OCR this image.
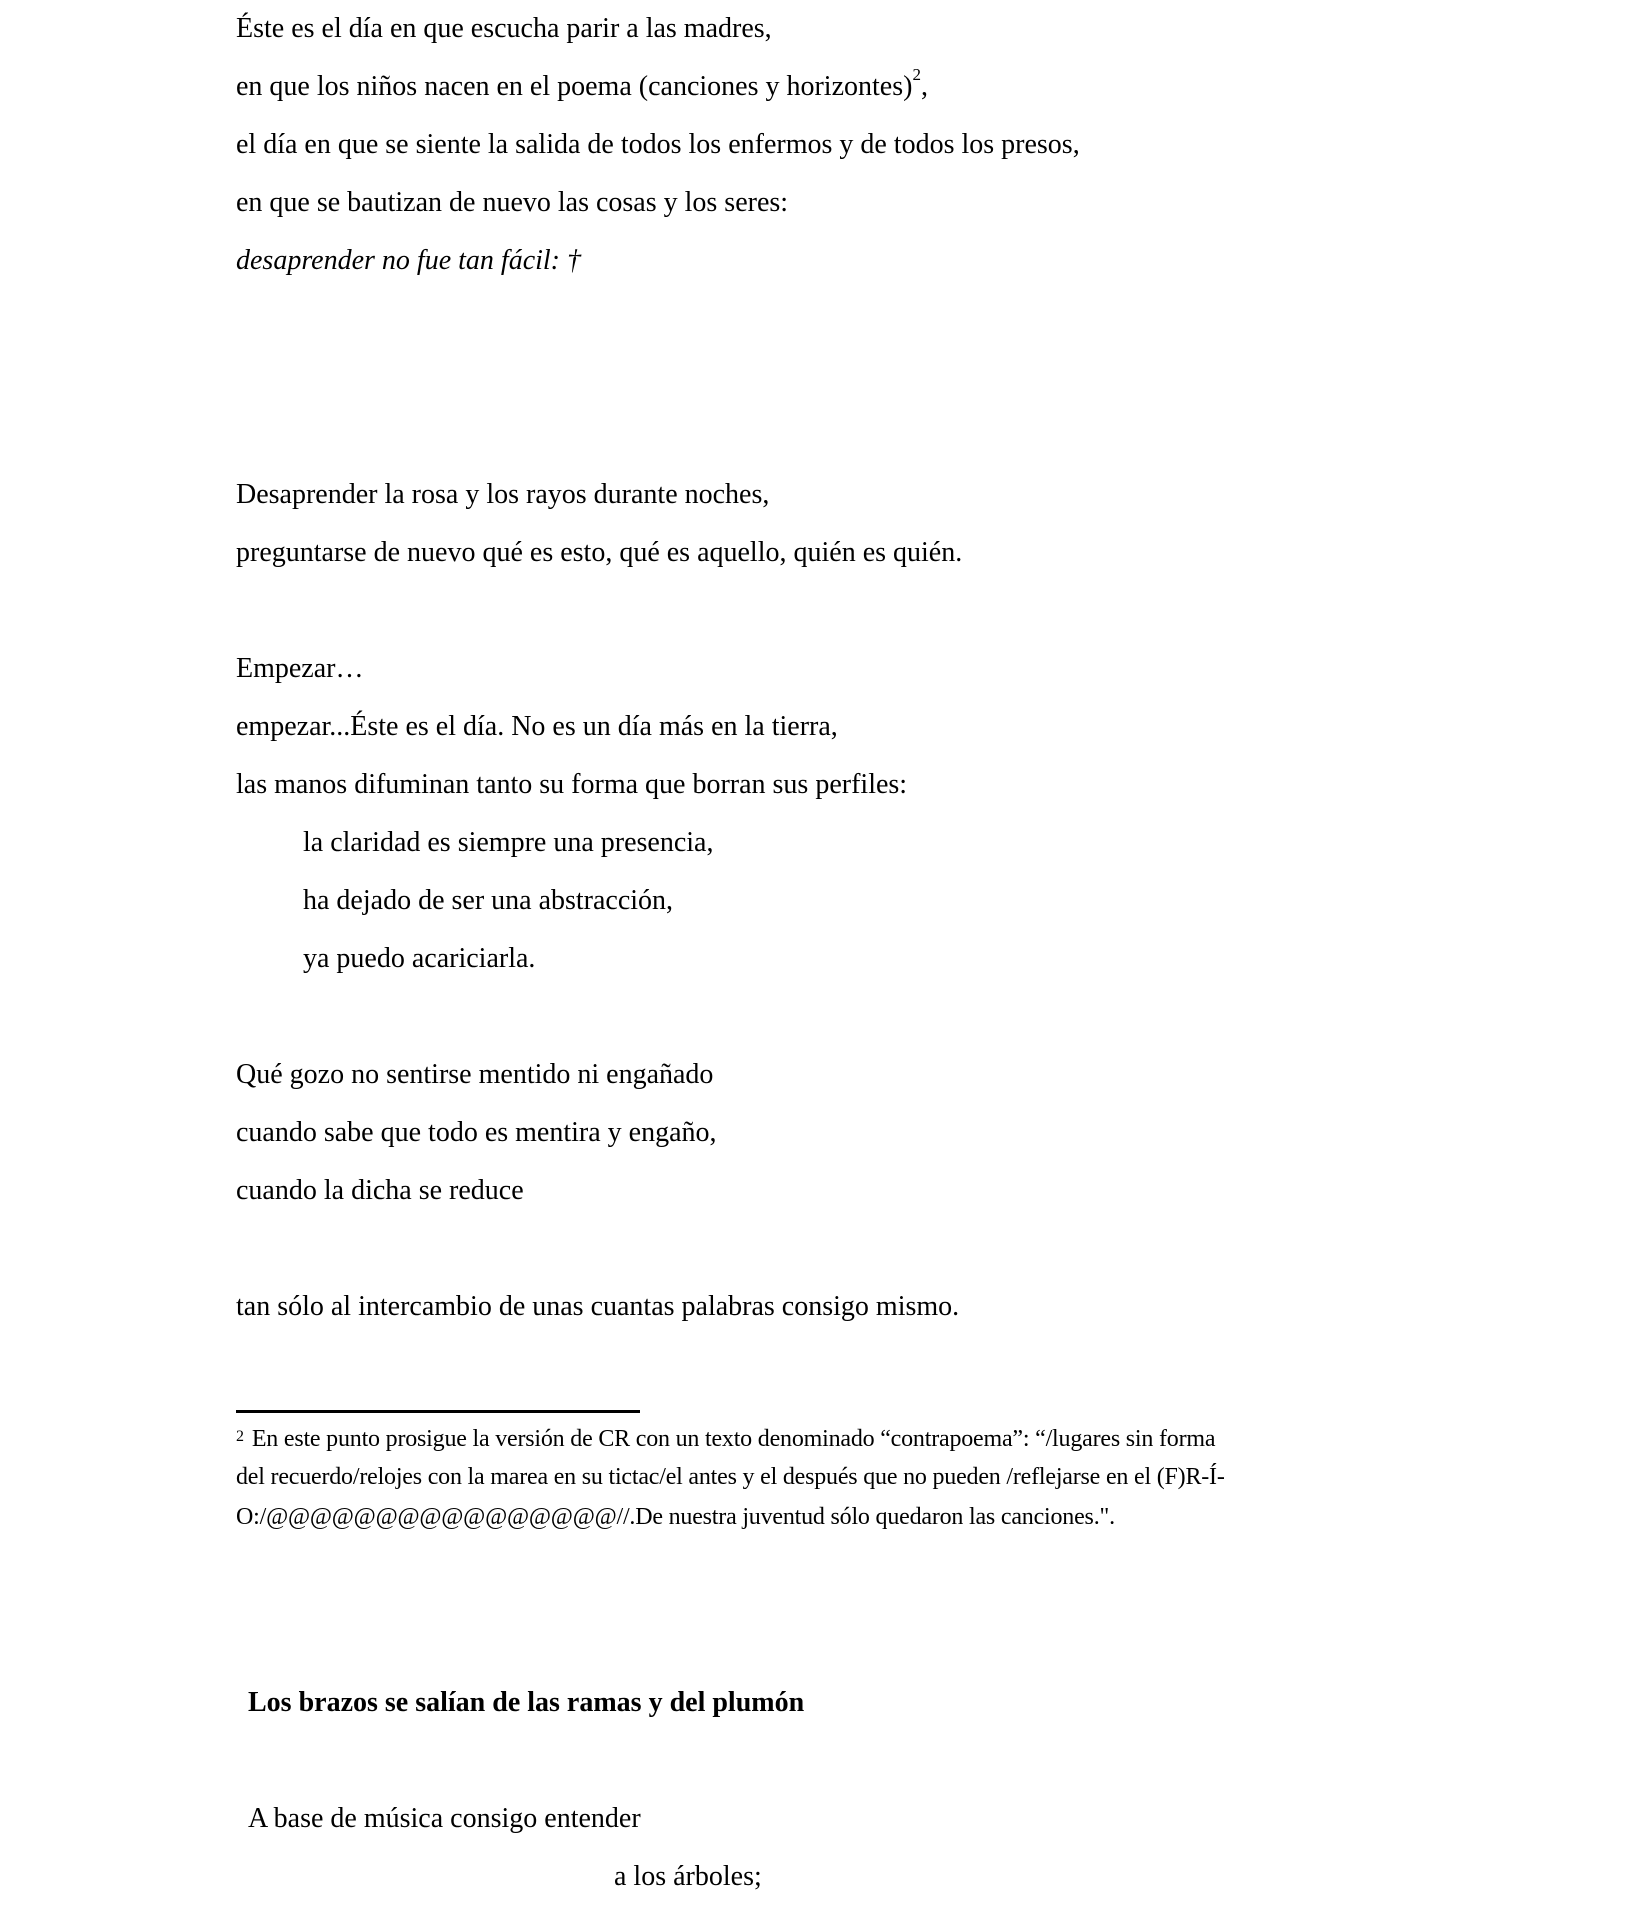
Éste es el día en que escucha parir a las madres,
en que los niños nacen en el poema (canciones y horizontes)$^2$,
el día en que se siente la salida de todos los enfermos y de todos los presos,
en que se bautizan de nuevo las cosas y los seres:
desaprender no fue tan fácil: †
Desaprender la rosa y los rayos durante noches,
preguntarse de nuevo qué es esto, qué es aquello, quién es quién.
Empezar…
empezar...Éste es el día. No es un día más en la tierra,
las manos difuminan tanto su forma que borran sus perfiles:
la claridad es siempre una presencia,
ha dejado de ser una abstracción,
ya puedo acariciarla.
Qué gozo no sentirse mentido ni engañado
cuando sabe que todo es mentira y engaño,
cuando la dicha se reduce
tan sólo al intercambio de unas cuantas palabras consigo mismo.
$^2$ En este punto prosigue la versión de CR con un texto denominado “contrapoema”: “/lugares sin forma
del recuerdo/relojes con la marea en su tictac/el antes y el después que no pueden /reflejarse en el (F)R-Í-
O:/@@@@@@@@@@@@@@@@//.De nuestra juventud sólo quedaron las canciones.".
Los brazos se salían de las ramas y del plumón
A base de música consigo entender
a los árboles;
